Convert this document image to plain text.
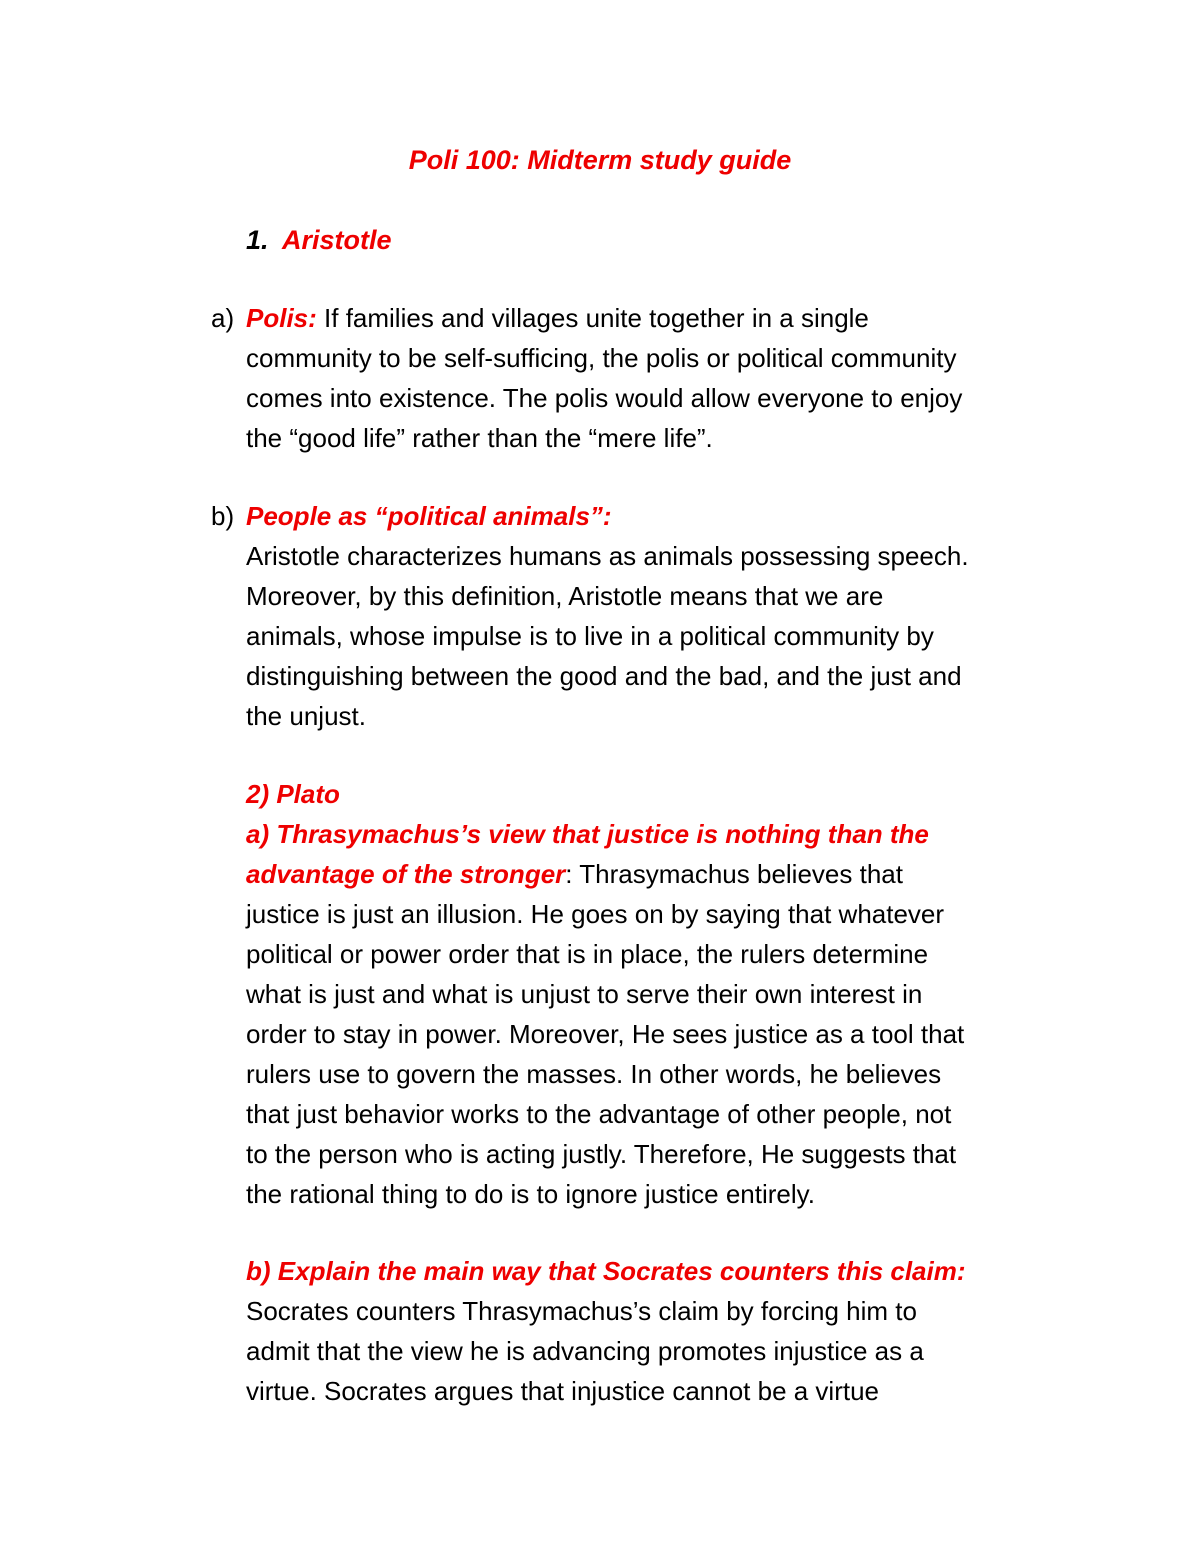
Poli 100: Midterm study guide
1. Aristotle
a) Polis: If families and villages unite together in a single
community to be self-sufficing, the polis or political community
comes into existence. The polis would allow everyone to enjoy
the “good life” rather than the “mere life”.
b) People as “political animals”:
Aristotle characterizes humans as animals possessing speech.
Moreover, by this definition, Aristotle means that we are
animals, whose impulse is to live in a political community by
distinguishing between the good and the bad, and the just and
the unjust.
2) Plato
a) Thrasymachus’s view that justice is nothing than the
advantage of the stronger: Thrasymachus believes that
justice is just an illusion. He goes on by saying that whatever
political or power order that is in place, the rulers determine
what is just and what is unjust to serve their own interest in
order to stay in power. Moreover, He sees justice as a tool that
rulers use to govern the masses. In other words, he believes
that just behavior works to the advantage of other people, not
to the person who is acting justly. Therefore, He suggests that
the rational thing to do is to ignore justice entirely.
b) Explain the main way that Socrates counters this claim:
Socrates counters Thrasymachus’s claim by forcing him to
admit that the view he is advancing promotes injustice as a
virtue. Socrates argues that injustice cannot be a virtue
